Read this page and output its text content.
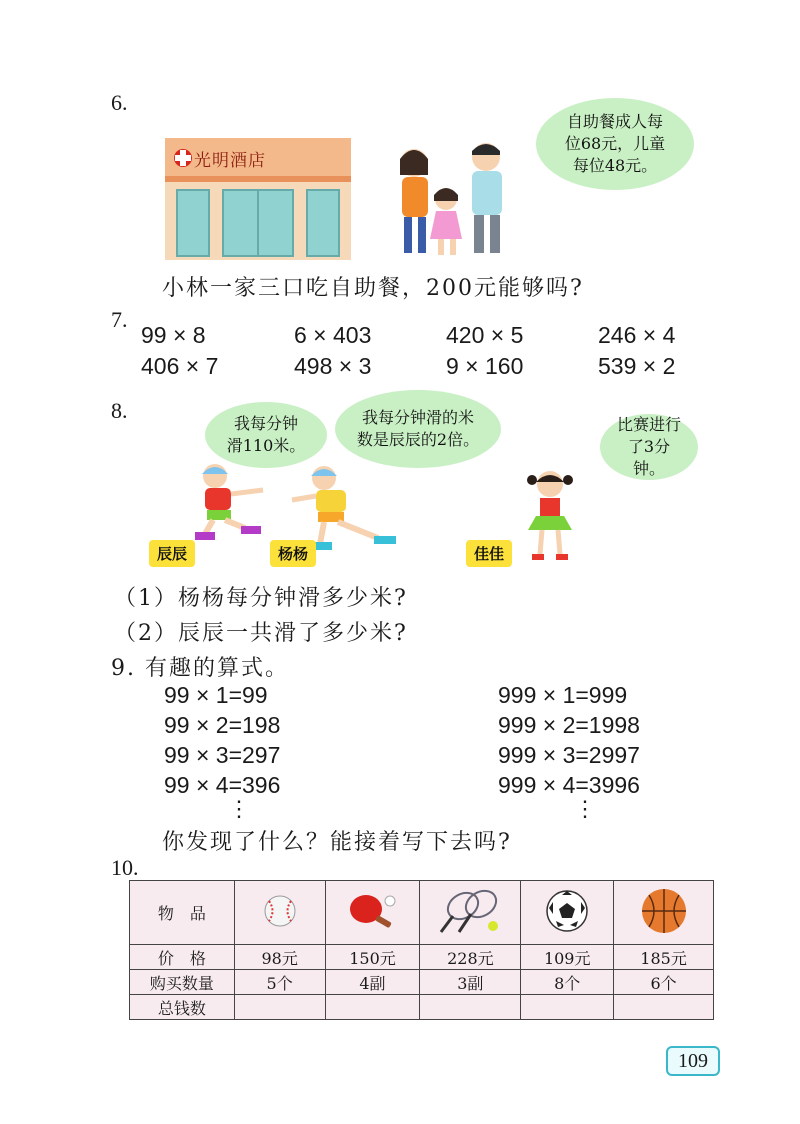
6.
光明酒店
自助餐成人每
位68元，儿童
每位48元。
小林一家三口吃自助餐，200元能够吗?
7.
99 × 8	6 × 403	420 × 5	246 × 4
406 × 7	498 × 3	9 × 160	539 × 2
8.
我每分钟
滑110米。
我每分钟滑的米
数是辰辰的2倍。
比赛进行
了3分钟。
辰辰	杨杨	佳佳
（1）杨杨每分钟滑多少米?
（2）辰辰一共滑了多少米?
9. 有趣的算式。
99 × 1=99
99 × 2=198
99 × 3=297
99 × 4=396
⋮
999 × 1=999
999 × 2=1998
999 × 3=2997
999 × 4=3996
⋮
你发现了什么？能接着写下去吗?
10.
物　品					
价　格	98元	150元	228元	109元	185元
购买数量	5个	4副	3副	8个	6个
总钱数					
109
